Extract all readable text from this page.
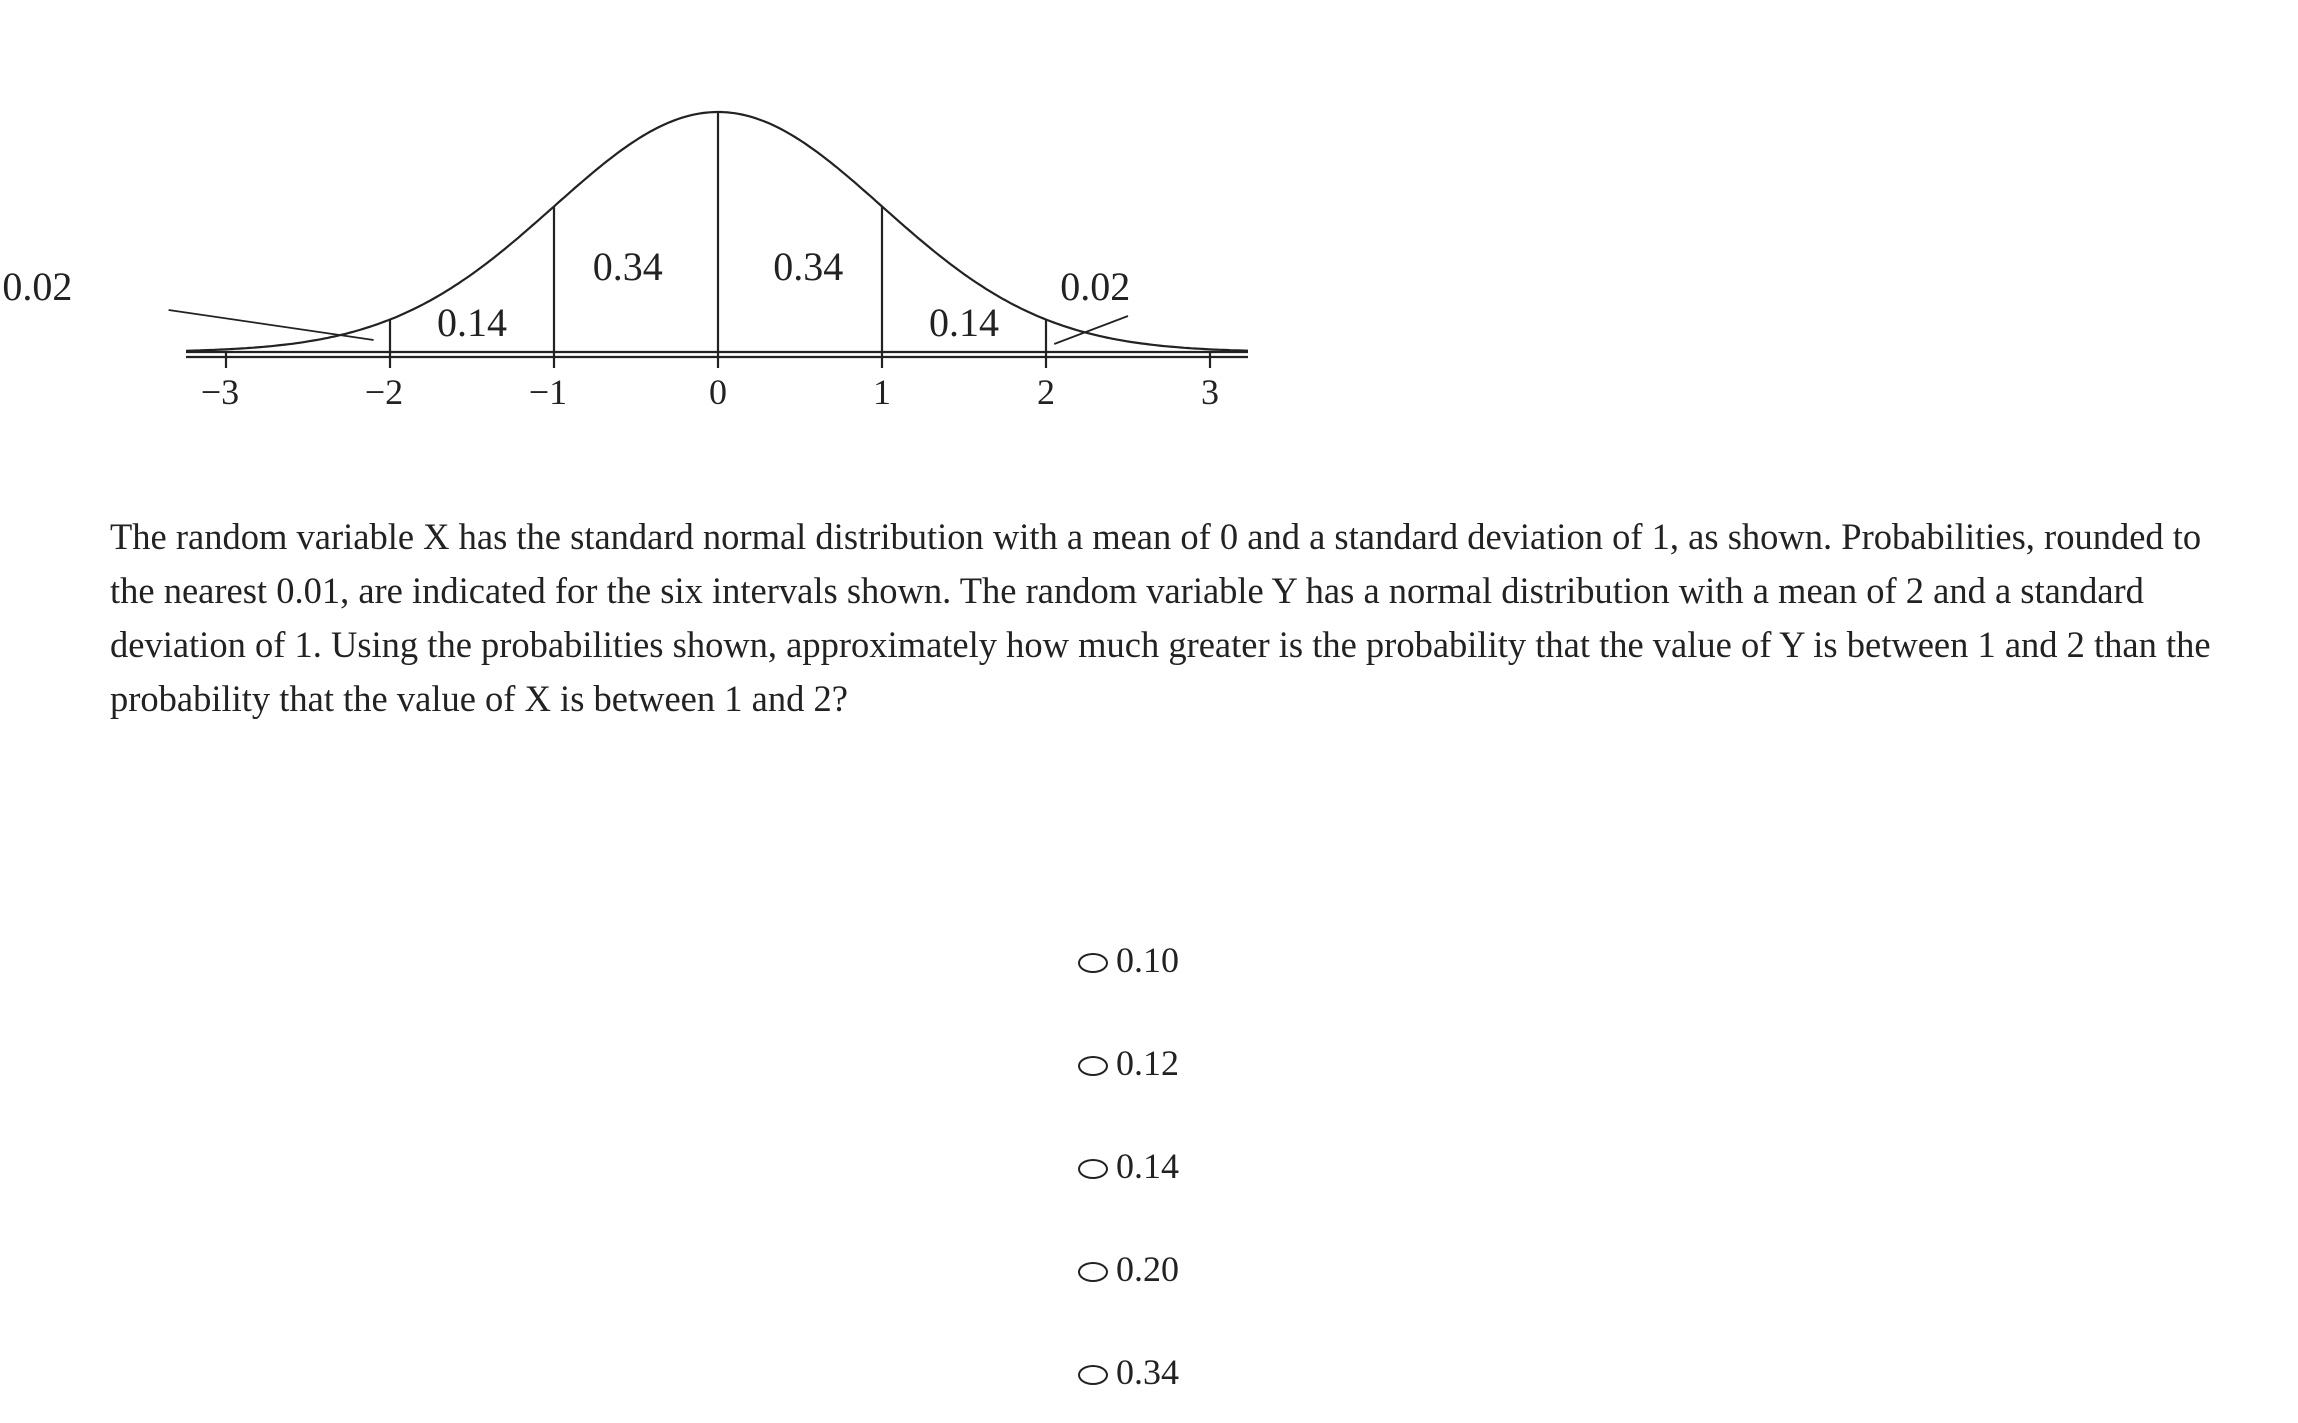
−3	−2	−1	0	1	2	3
0.02
0.14
0.34	0.34
0.14
0.02

The random variable X has the standard normal distribution with a mean of 0 and a standard deviation of 1, as shown. Probabilities, rounded to the nearest 0.01, are indicated for the six intervals shown. The random variable Y has a normal distribution with a mean of 2 and a standard deviation of 1. Using the probabilities shown, approximately how much greater is the probability that the value of Y is between 1 and 2 than the probability that the value of X is between 1 and 2?

0.10
0.12
0.14
0.20
0.34
